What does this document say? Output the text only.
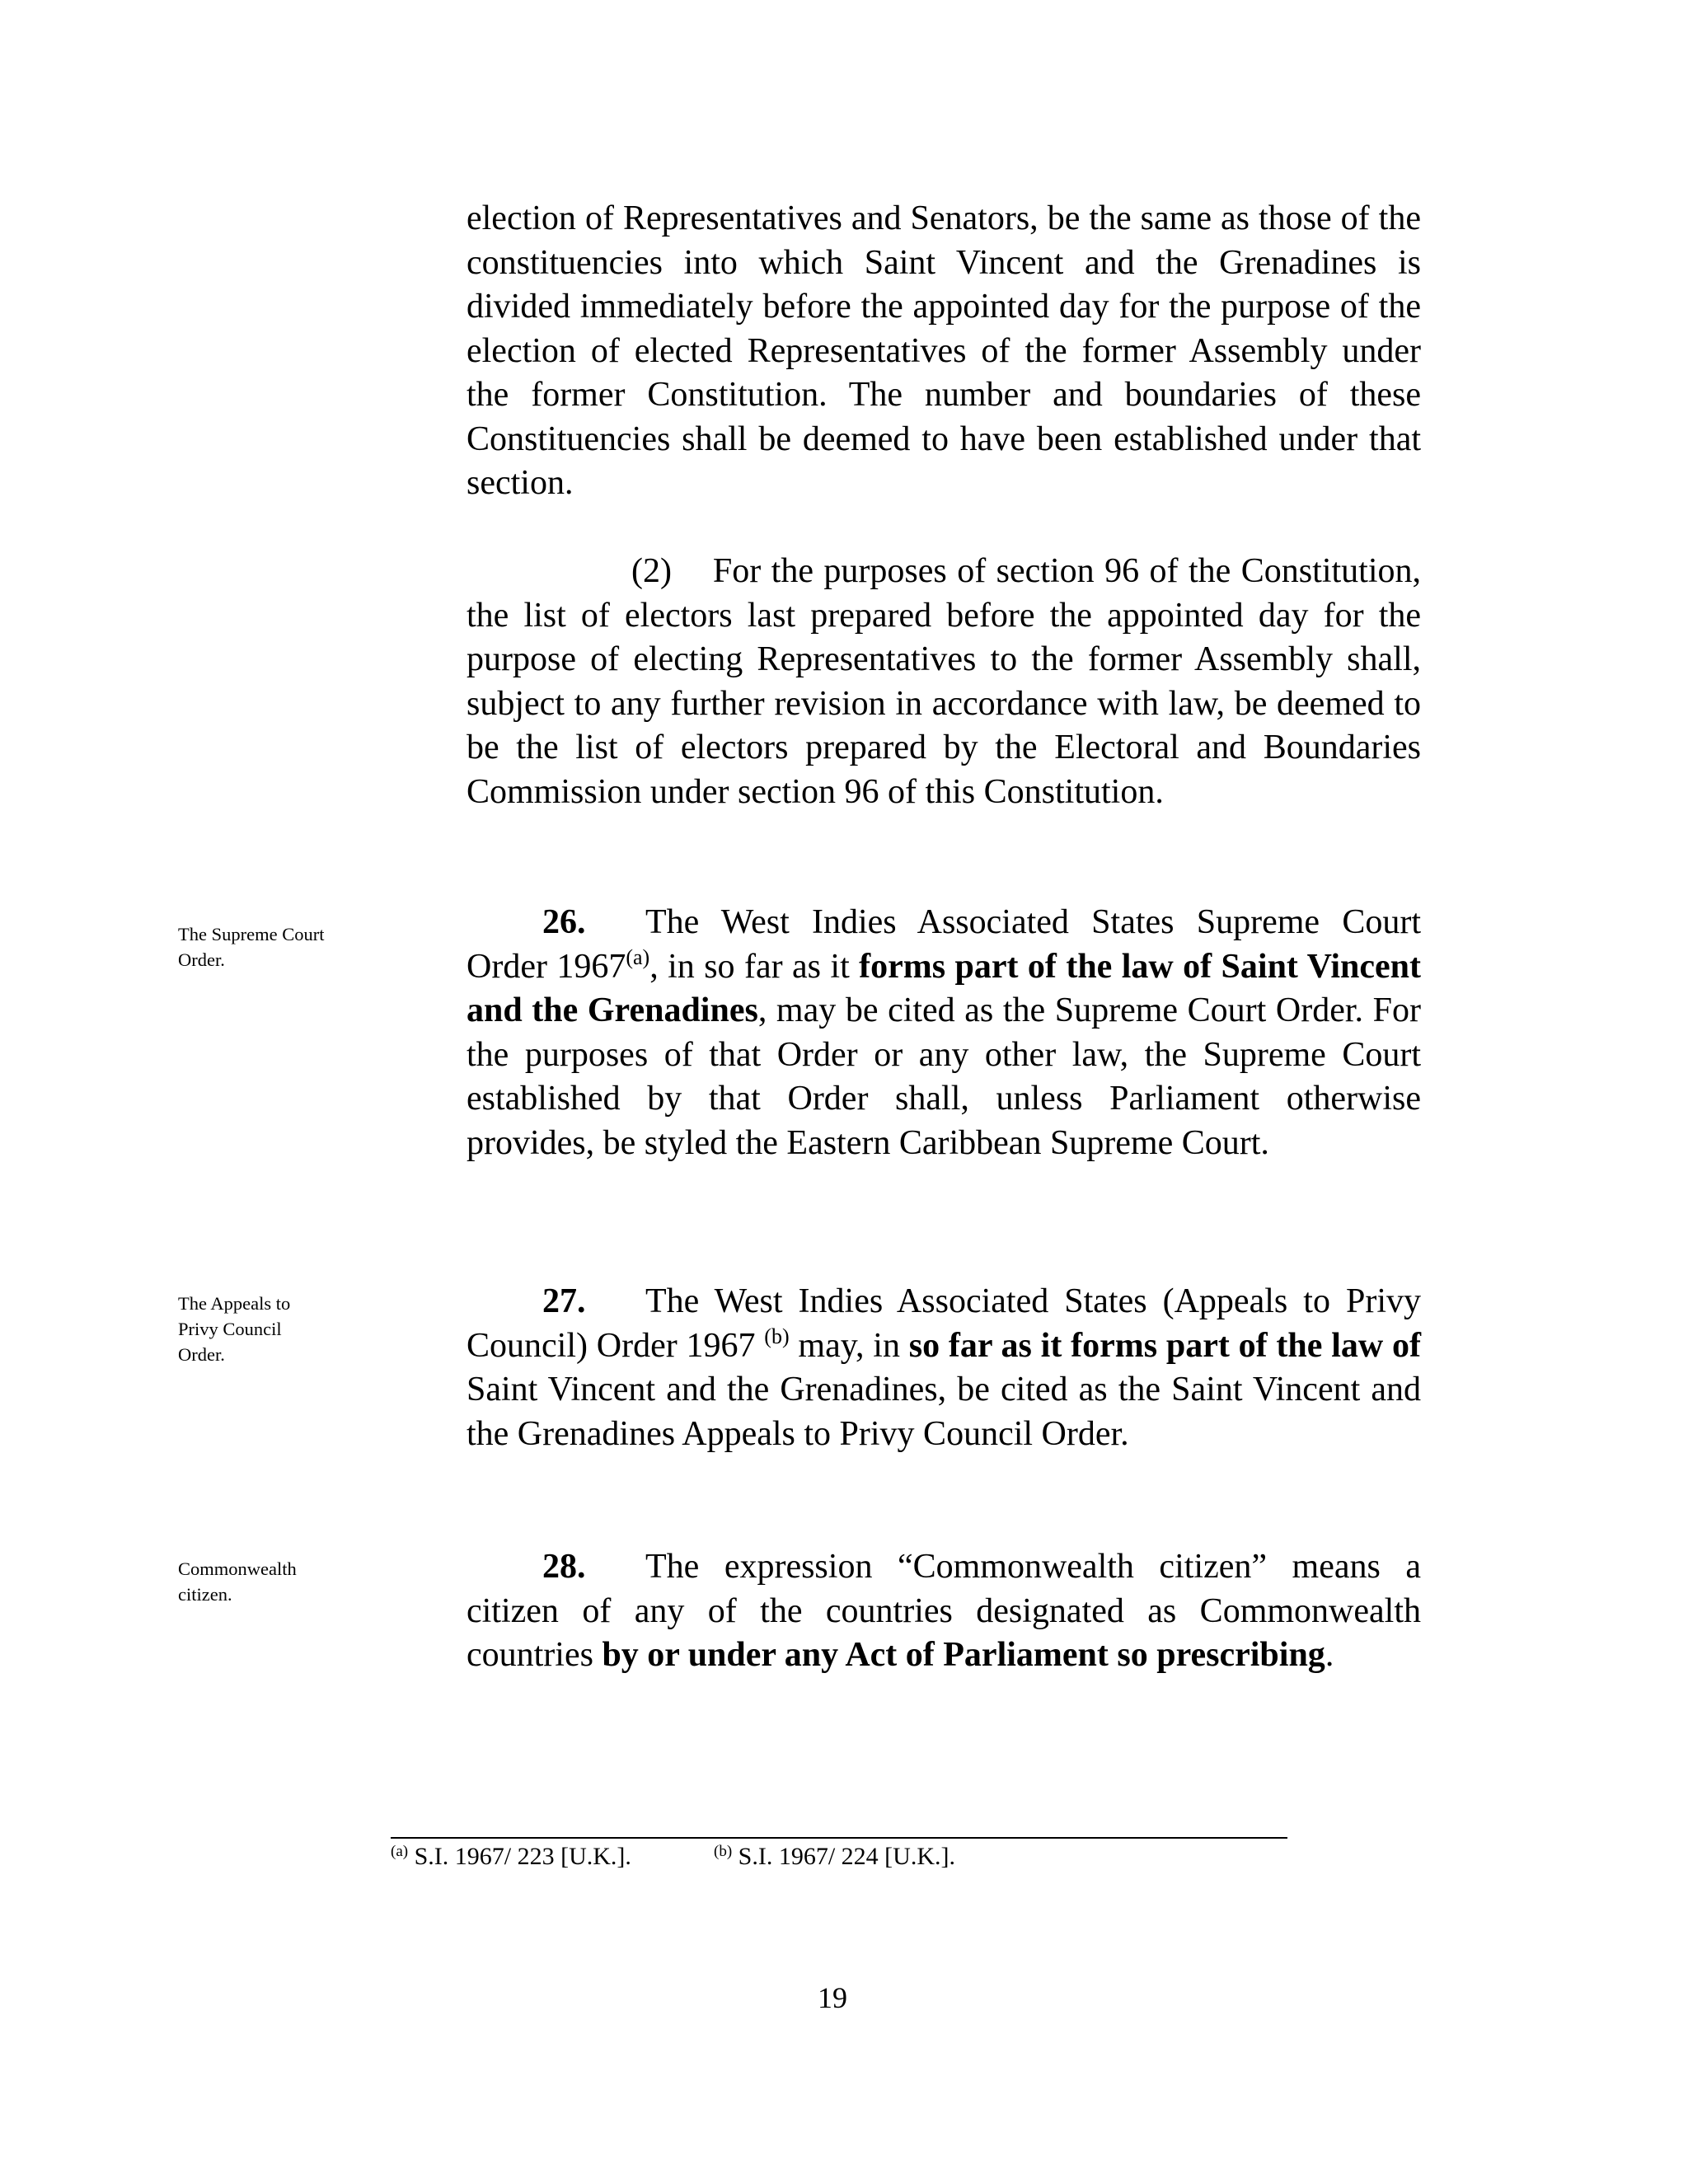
election of Representatives and Senators, be the same as those of the constituencies into which Saint Vincent and the Grenadines is divided immediately before the appointed day for the purpose of the election of elected Representatives of the former Assembly under the former Constitution. The number and boundaries of these Constituencies shall be deemed to have been established under that section.

(2)    For the purposes of section 96 of the Constitution, the list of electors last prepared before the appointed day for the purpose of electing Representatives to the former Assembly shall, subject to any further revision in accordance with law, be deemed to be the list of electors prepared by the Electoral and Boundaries Commission under section 96 of this Constitution.

The Supreme Court Order.

26. The West Indies Associated States Supreme Court Order 1967$^{(a)}$, in so far as it forms part of the law of Saint Vincent and the Grenadines, may be cited as the Supreme Court Order. For the purposes of that Order or any other law, the Supreme Court established by that Order shall, unless Parliament otherwise provides, be styled the Eastern Caribbean Supreme Court.

The Appeals to Privy Council Order.

27. The West Indies Associated States (Appeals to Privy Council) Order 1967 $^{(b)}$ may, in so far as it forms part of the law of Saint Vincent and the Grenadines, be cited as the Saint Vincent and the Grenadines Appeals to Privy Council Order.

Commonwealth citizen.

28. The expression “Commonwealth citizen” means a citizen of any of the countries designated as Commonwealth countries by or under any Act of Parliament so prescribing.

$^{(a)}$ S.I. 1967/ 223 [U.K.].	$^{(b)}$ S.I. 1967/ 224 [U.K.].
19
